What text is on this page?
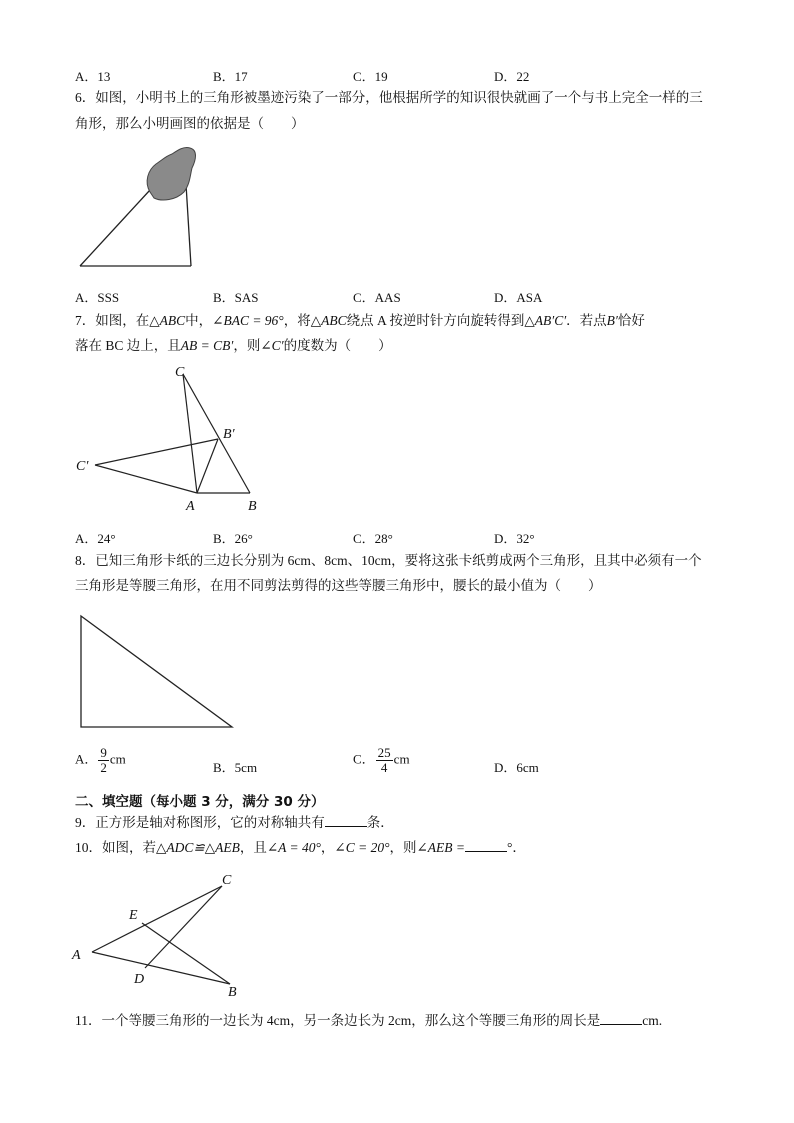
A．13	B．17	C．19	D．22
6．如图，小明书上的三角形被墨迹污染了一部分，他根据所学的知识很快就画了一个与书上完全一样的三
角形，那么小明画图的依据是（　　）
A．SSS	B．SAS	C．AAS	D．ASA
7．如图，在△ABC中，∠BAC = 96°，将△ABC绕点 A 按逆时针方向旋转得到△AB′C′．若点B′恰好
落在 BC 边上，且AB = CB′，则∠C′的度数为（　　）
C
B′
C′
A	B
A．24°	B．26°	C．28°	D．32°
8．已知三角形卡纸的三边长分别为 6cm、8cm、10cm，要将这张卡纸剪成两个三角形，且其中必须有一个
三角形是等腰三角形，在用不同剪法剪得的这些等腰三角形中，腰长的最小值为（　　）
A． $\frac{9}{2}$ cm
B．5cm
C． $\frac{25}{4}$ cm
D．6cm
二、填空题（每小题 3 分，满分 30 分）
9．正方形是轴对称图形，它的对称轴共有	条．
10．如图，若△ADC≌△AEB，且∠A = 40°，∠C = 20°，则∠AEB =	°．
C
E
A
D
B
11．一个等腰三角形的一边长为 4cm，另一条边长为 2cm，那么这个等腰三角形的周长是	cm.
